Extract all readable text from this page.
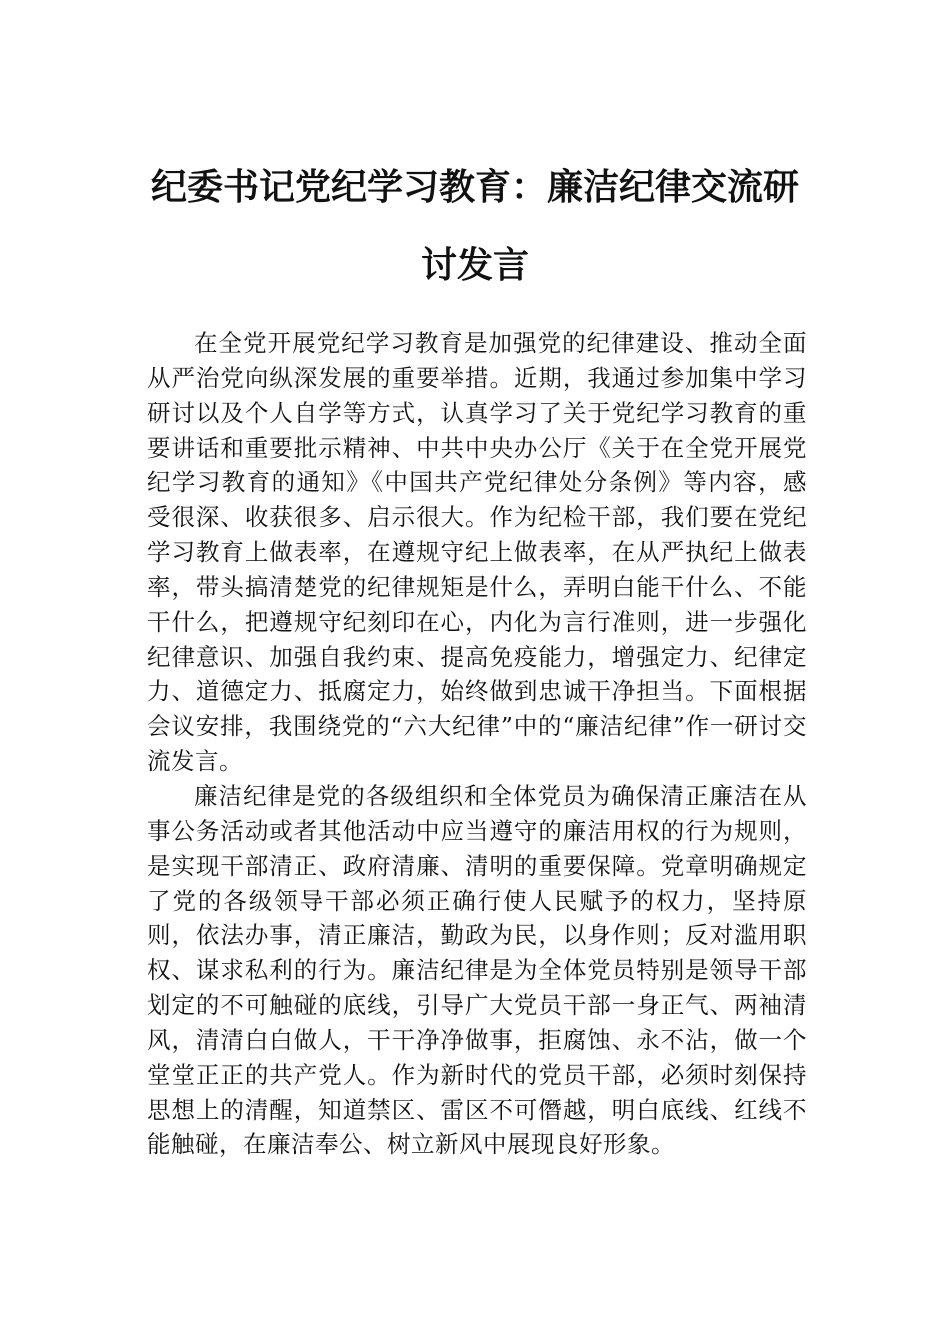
纪委书记党纪学习教育：廉洁纪律交流研
讨发言

在全党开展党纪学习教育是加强党的纪律建设、推动全面从严治党向纵深发展的重要举措。近期，我通过参加集中学习研讨以及个人自学等方式，认真学习了关于党纪学习教育的重要讲话和重要批示精神、中共中央办公厅《关于在全党开展党纪学习教育的通知》《中国共产党纪律处分条例》等内容，感受很深、收获很多、启示很大。作为纪检干部，我们要在党纪学习教育上做表率，在遵规守纪上做表率，在从严执纪上做表率，带头搞清楚党的纪律规矩是什么，弄明白能干什么、不能干什么，把遵规守纪刻印在心，内化为言行准则，进一步强化纪律意识、加强自我约束、提高免疫能力，增强定力、纪律定力、道德定力、抵腐定力，始终做到忠诚干净担当。下面根据会议安排，我围绕党的“六大纪律”中的“廉洁纪律”作一研讨交流发言。

廉洁纪律是党的各级组织和全体党员为确保清正廉洁在从事公务活动或者其他活动中应当遵守的廉洁用权的行为规则，是实现干部清正、政府清廉、清明的重要保障。党章明确规定了党的各级领导干部必须正确行使人民赋予的权力，坚持原则，依法办事，清正廉洁，勤政为民，以身作则；反对滥用职权、谋求私利的行为。廉洁纪律是为全体党员特别是领导干部划定的不可触碰的底线，引导广大党员干部一身正气、两袖清风，清清白白做人，干干净净做事，拒腐蚀、永不沾，做一个堂堂正正的共产党人。作为新时代的党员干部，必须时刻保持思想上的清醒，知道禁区、雷区不可僭越，明白底线、红线不能触碰，在廉洁奉公、树立新风中展现良好形象。
